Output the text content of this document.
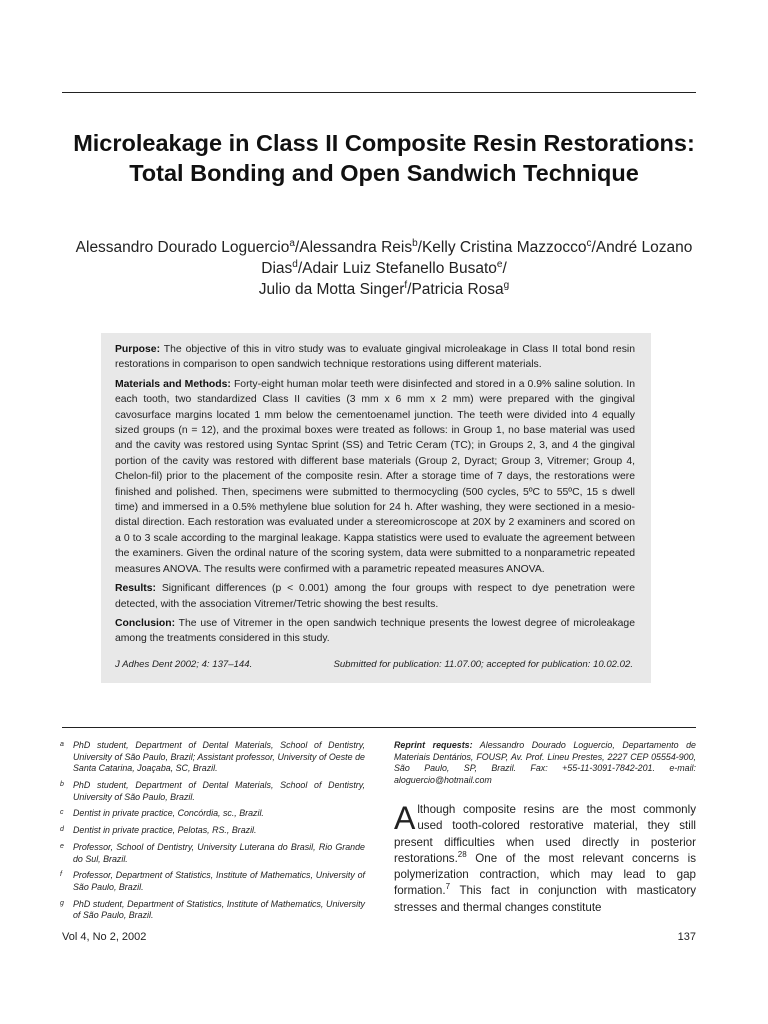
Microleakage in Class II Composite Resin Restorations: Total Bonding and Open Sandwich Technique
Alessandro Dourado Loguercio$^a$/Alessandra Reis$^b$/Kelly Cristina Mazzocco$^c$/André Lozano Dias$^d$/Adair Luiz Stefanello Busato$^e$/
Julio da Motta Singer$^f$/Patricia Rosa$^g$

Purpose: The objective of this in vitro study was to evaluate gingival microleakage in Class II total bond resin restorations in comparison to open sandwich technique restorations using different materials.

Materials and Methods: Forty-eight human molar teeth were disinfected and stored in a 0.9% saline solution. In each tooth, two standardized Class II cavities (3 mm x 6 mm x 2 mm) were prepared with the gingival cavosurface margins located 1 mm below the cementoenamel junction. The teeth were divided into 4 equally sized groups (n = 12), and the proximal boxes were treated as follows: in Group 1, no base material was used and the cavity was restored using Syntac Sprint (SS) and Tetric Ceram (TC); in Groups 2, 3, and 4 the gingival portion of the cavity was restored with different base materials (Group 2, Dyract; Group 3, Vitremer; Group 4, Chelon-fil) prior to the placement of the composite resin. After a storage time of 7 days, the restorations were finished and polished. Then, specimens were submitted to thermocycling (500 cycles, 5ºC to 55ºC, 15 s dwell time) and immersed in a 0.5% methylene blue solution for 24 h. After washing, they were sectioned in a mesio-distal direction. Each restoration was evaluated under a stereomicroscope at 20X by 2 examiners and scored on a 0 to 3 scale according to the marginal leakage. Kappa statistics were used to evaluate the agreement between the examiners. Given the ordinal nature of the scoring system, data were submitted to a nonparametric repeated measures ANOVA. The results were confirmed with a parametric repeated measures ANOVA.

Results: Significant differences (p < 0.001) among the four groups with respect to dye penetration were detected, with the association Vitremer/Tetric showing the best results.

Conclusion: The use of Vitremer in the open sandwich technique presents the lowest degree of microleakage among the treatments considered in this study.

J Adhes Dent 2002; 4: 137–144.	Submitted for publication: 11.07.00; accepted for publication: 10.02.02.
a	PhD student, Department of Dental Materials, School of Dentistry, University of São Paulo, Brazil; Assistant professor, University of Oeste de Santa Catarina, Joaçaba, SC, Brazil.
b	PhD student, Department of Dental Materials, School of Dentistry, University of São Paulo, Brazil.
c	Dentist in private practice, Concórdia, sc., Brazil.
d	Dentist in private practice, Pelotas, RS., Brazil.
e	Professor, School of Dentistry, University Luterana do Brasil, Rio Grande do Sul, Brazil.
f	Professor, Department of Statistics, Institute of Mathematics, University of São Paulo, Brazil.
g	PhD student, Department of Statistics, Institute of Mathematics, University of São Paulo, Brazil.
Reprint requests: Alessandro Dourado Loguercio, Departamento de Materiais Dentários, FOUSP, Av. Prof. Lineu Prestes, 2227 CEP 05554-900, São Paulo, SP, Brazil. Fax: +55-11-3091-7842-201. e-mail: aloguercio@hotmail.com

Although composite resins are the most commonly used tooth-colored restorative material, they still present difficulties when used directly in posterior restorations.$^{28}$ One of the most relevant concerns is polymerization contraction, which may lead to gap formation.$^7$ This fact in conjunction with masticatory stresses and thermal changes constitute

Vol 4, No 2, 2002	137
